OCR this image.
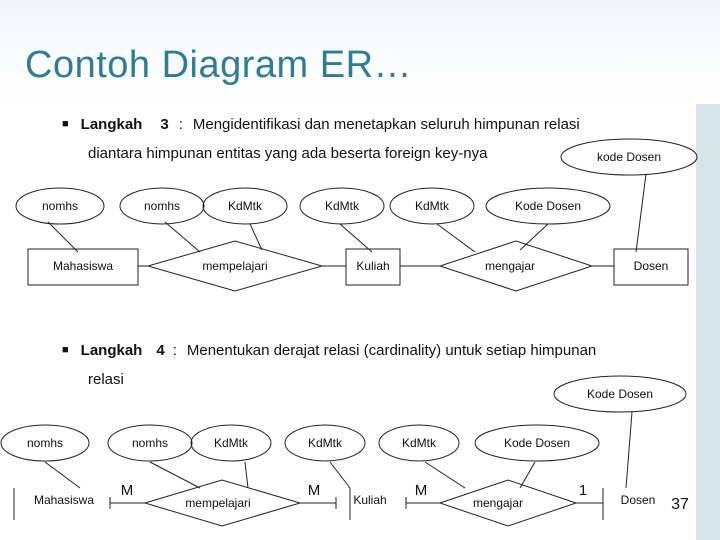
Contoh Diagram ER…
■ Langkah 3 : Mengidentifikasi dan menetapkan seluruh himpunan relasi
diantara himpunan entitas yang ada beserta foreign key-nya
■ Langkah 4 : Menentukan derajat relasi (cardinality) untuk setiap himpunan
relasi
nomhs	nomhs	KdMtk	KdMtk	KdMtk	Kode Dosen
kode Dosen
Mahasiswa	Kuliah	Dosen
mempelajari	mengajar
nomhs	nomhs	KdMtk	KdMtk	KdMtk	Kode Dosen
Kode Dosen
Mahasiswa	Kuliah	Dosen
mempelajari	mengajar
M	M	M	1
37
